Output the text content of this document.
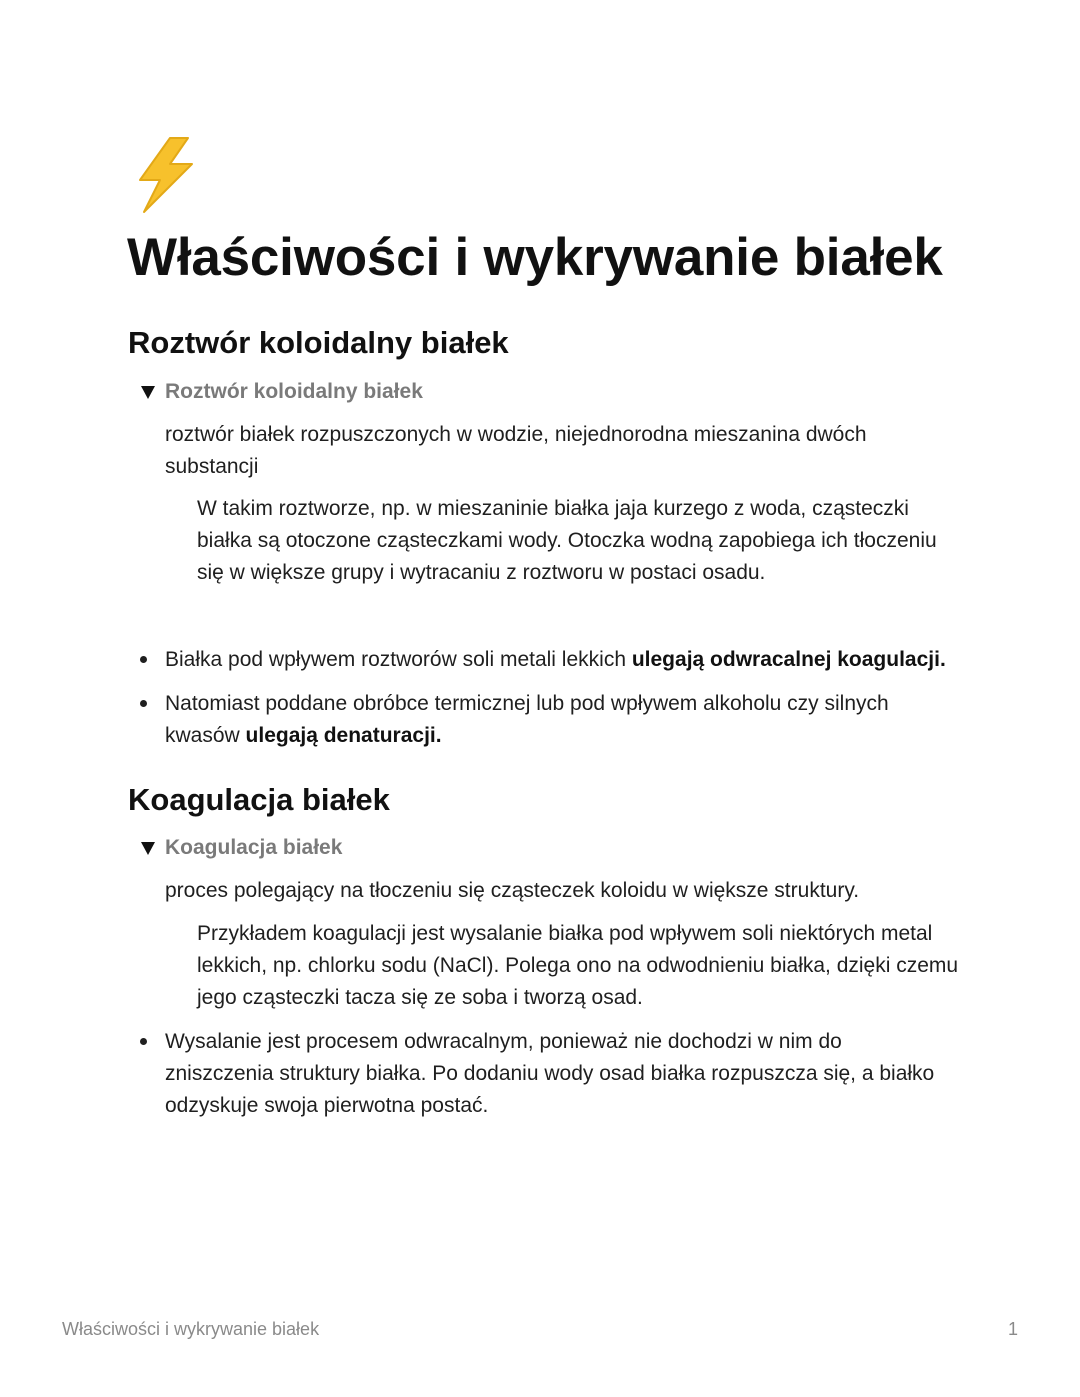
Właściwości i wykrywanie białek
Roztwór koloidalny białek
Roztwór koloidalny białek

roztwór białek rozpuszczonych w wodzie, niejednorodna mieszanina dwóch substancji

W takim roztworze, np. w mieszaninie białka jaja kurzego z woda, cząsteczki białka są otoczone cząsteczkami wody. Otoczka wodną zapobiega ich tłoczeniu się w większe grupy i wytracaniu z roztworu w postaci osadu.

Białka pod wpływem roztworów soli metali lekkich ulegają odwracalnej koagulacji.

Natomiast poddane obróbce termicznej lub pod wpływem alkoholu czy silnych kwasów ulegają denaturacji.

Koagulacja białek
Koagulacja białek

proces polegający na tłoczeniu się cząsteczek koloidu w większe struktury.

Przykładem koagulacji jest wysalanie białka pod wpływem soli niektórych metal lekkich, np. chlorku sodu (NaCl). Polega ono na odwodnieniu białka, dzięki czemu jego cząsteczki tacza się ze soba i tworzą osad.

Wysalanie jest procesem odwracalnym, ponieważ nie dochodzi w nim do zniszczenia struktury białka. Po dodaniu wody osad białka rozpuszcza się, a białko odzyskuje swoja pierwotna postać.

Właściwości i wykrywanie białek	1
